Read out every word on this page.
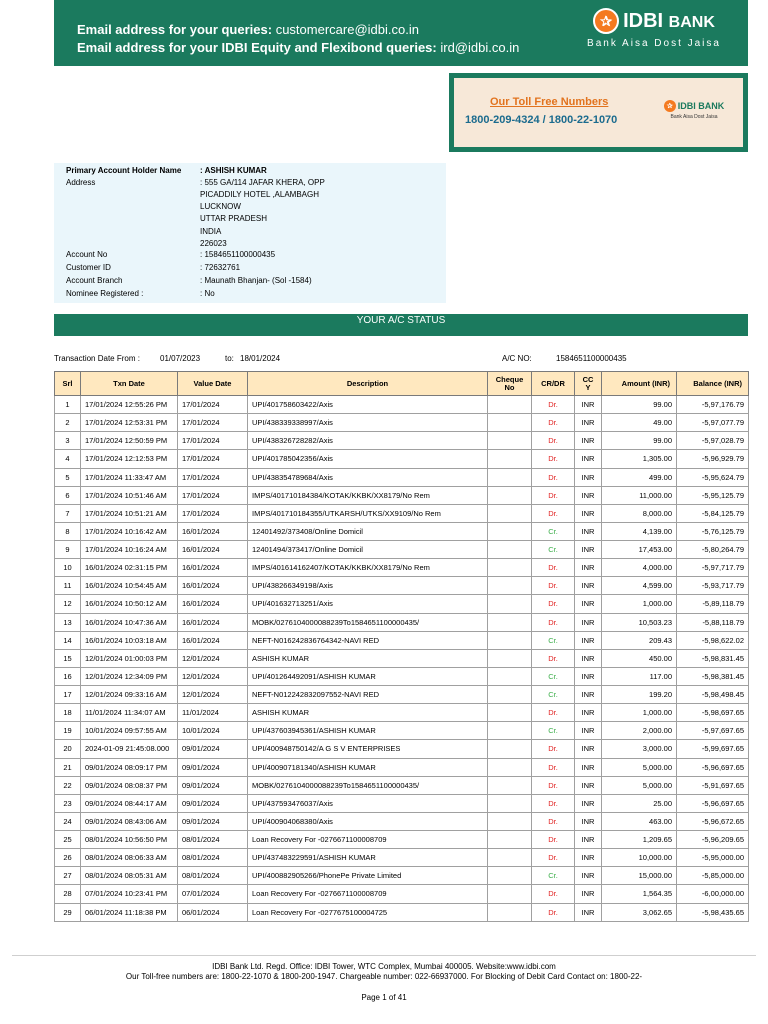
Email address for your queries: customercare@idbi.co.in
Email address for your IDBI Equity and Flexibond queries: ird@idbi.co.in
✰ IDBI BANK
Bank Aisa Dost Jaisa
Our Toll Free Numbers
1800-209-4324 / 1800-22-1070
✰ IDBI BANK
Bank Aisa Dost Jaisa
Primary Account Holder Name : ASHISH KUMAR
Address	: 555 GA/114 JAFAR KHERA, OPP
PICADDILY HOTEL ,ALAMBAGH
LUCKNOW
UTTAR PRADESH
INDIA
226023
Account No	: 1584651100000435
Customer ID	: 72632761
Account Branch	: Maunath Bhanjan- (Sol -1584)
Nominee Registered :	: No
YOUR A/C STATUS
Transaction Date From :	01/07/2023	to: 18/01/2024	A/C NO:	1584651100000435
Srl	Txn Date	Value Date	Description	Cheque
No	CR/DR	CC
Y	Amount (INR)	Balance (INR)
1	17/01/2024 12:55:26 PM	17/01/2024	UPI/401758603422/Axis		Dr.	INR	99.00	-5,97,176.79
2	17/01/2024 12:53:31 PM	17/01/2024	UPI/438339338997/Axis		Dr.	INR	49.00	-5,97,077.79
3	17/01/2024 12:50:59 PM	17/01/2024	UPI/438326728282/Axis		Dr.	INR	99.00	-5,97,028.79
4	17/01/2024 12:12:53 PM	17/01/2024	UPI/401785042356/Axis		Dr.	INR	1,305.00	-5,96,929.79
5	17/01/2024 11:33:47 AM	17/01/2024	UPI/438354789684/Axis		Dr.	INR	499.00	-5,95,624.79
6	17/01/2024 10:51:46 AM	17/01/2024	IMPS/401710184384/KOTAK/KKBK/XX8179/No Rem		Dr.	INR	11,000.00	-5,95,125.79
7	17/01/2024 10:51:21 AM	17/01/2024	IMPS/401710184355/UTKARSH/UTKS/XX9109/No Rem		Dr.	INR	8,000.00	-5,84,125.79
8	17/01/2024 10:16:42 AM	16/01/2024	12401492/373408/Online Domicil		Cr.	INR	4,139.00	-5,76,125.79
9	17/01/2024 10:16:24 AM	16/01/2024	12401494/373417/Online Domicil		Cr.	INR	17,453.00	-5,80,264.79
10	16/01/2024 02:31:15 PM	16/01/2024	IMPS/401614162407/KOTAK/KKBK/XX8179/No Rem		Dr.	INR	4,000.00	-5,97,717.79
11	16/01/2024 10:54:45 AM	16/01/2024	UPI/438266349198/Axis		Dr.	INR	4,599.00	-5,93,717.79
12	16/01/2024 10:50:12 AM	16/01/2024	UPI/401632713251/Axis		Dr.	INR	1,000.00	-5,89,118.79
13	16/01/2024 10:47:36 AM	16/01/2024	MOBK/0276104000088239To1584651100000435/		Dr.	INR	10,503.23	-5,88,118.79
14	16/01/2024 10:03:18 AM	16/01/2024	NEFT-N016242836764342-NAVI RED		Cr.	INR	209.43	-5,98,622.02
15	12/01/2024 01:00:03 PM	12/01/2024	ASHISH KUMAR		Dr.	INR	450.00	-5,98,831.45
16	12/01/2024 12:34:09 PM	12/01/2024	UPI/401264492091/ASHISH KUMAR		Cr.	INR	117.00	-5,98,381.45
17	12/01/2024 09:33:16 AM	12/01/2024	NEFT-N012242832097552-NAVI RED		Cr.	INR	199.20	-5,98,498.45
18	11/01/2024 11:34:07 AM	11/01/2024	ASHISH KUMAR		Dr.	INR	1,000.00	-5,98,697.65
19	10/01/2024 09:57:55 AM	10/01/2024	UPI/437603945361/ASHISH KUMAR		Cr.	INR	2,000.00	-5,97,697.65
20	2024-01-09 21:45:08.000	09/01/2024	UPI/400948750142/A G S V ENTERPRISES		Dr.	INR	3,000.00	-5,99,697.65
21	09/01/2024 08:09:17 PM	09/01/2024	UPI/400907181340/ASHISH KUMAR		Dr.	INR	5,000.00	-5,96,697.65
22	09/01/2024 08:08:37 PM	09/01/2024	MOBK/0276104000088239To1584651100000435/		Dr.	INR	5,000.00	-5,91,697.65
23	09/01/2024 08:44:17 AM	09/01/2024	UPI/437593476037/Axis		Dr.	INR	25.00	-5,96,697.65
24	09/01/2024 08:43:06 AM	09/01/2024	UPI/400904068380/Axis		Dr.	INR	463.00	-5,96,672.65
25	08/01/2024 10:56:50 PM	08/01/2024	Loan Recovery For -0276671100008709		Dr.	INR	1,209.65	-5,96,209.65
26	08/01/2024 08:06:33 AM	08/01/2024	UPI/437483229591/ASHISH KUMAR		Dr.	INR	10,000.00	-5,95,000.00
27	08/01/2024 08:05:31 AM	08/01/2024	UPI/400882905266/PhonePe Private Limited		Cr.	INR	15,000.00	-5,85,000.00
28	07/01/2024 10:23:41 PM	07/01/2024	Loan Recovery For -0276671100008709		Dr.	INR	1,564.35	-6,00,000.00
29	06/01/2024 11:18:38 PM	06/01/2024	Loan Recovery For -0277675100004725		Dr.	INR	3,062.65	-5,98,435.65
IDBI Bank Ltd. Regd. Office: IDBI Tower, WTC Complex, Mumbai 400005. Website:www.idbi.com
Our Toll-free numbers are: 1800-22-1070 & 1800-200-1947. Chargeable number: 022-66937000. For Blocking of Debit Card Contact on: 1800-22-
Page 1 of 41
